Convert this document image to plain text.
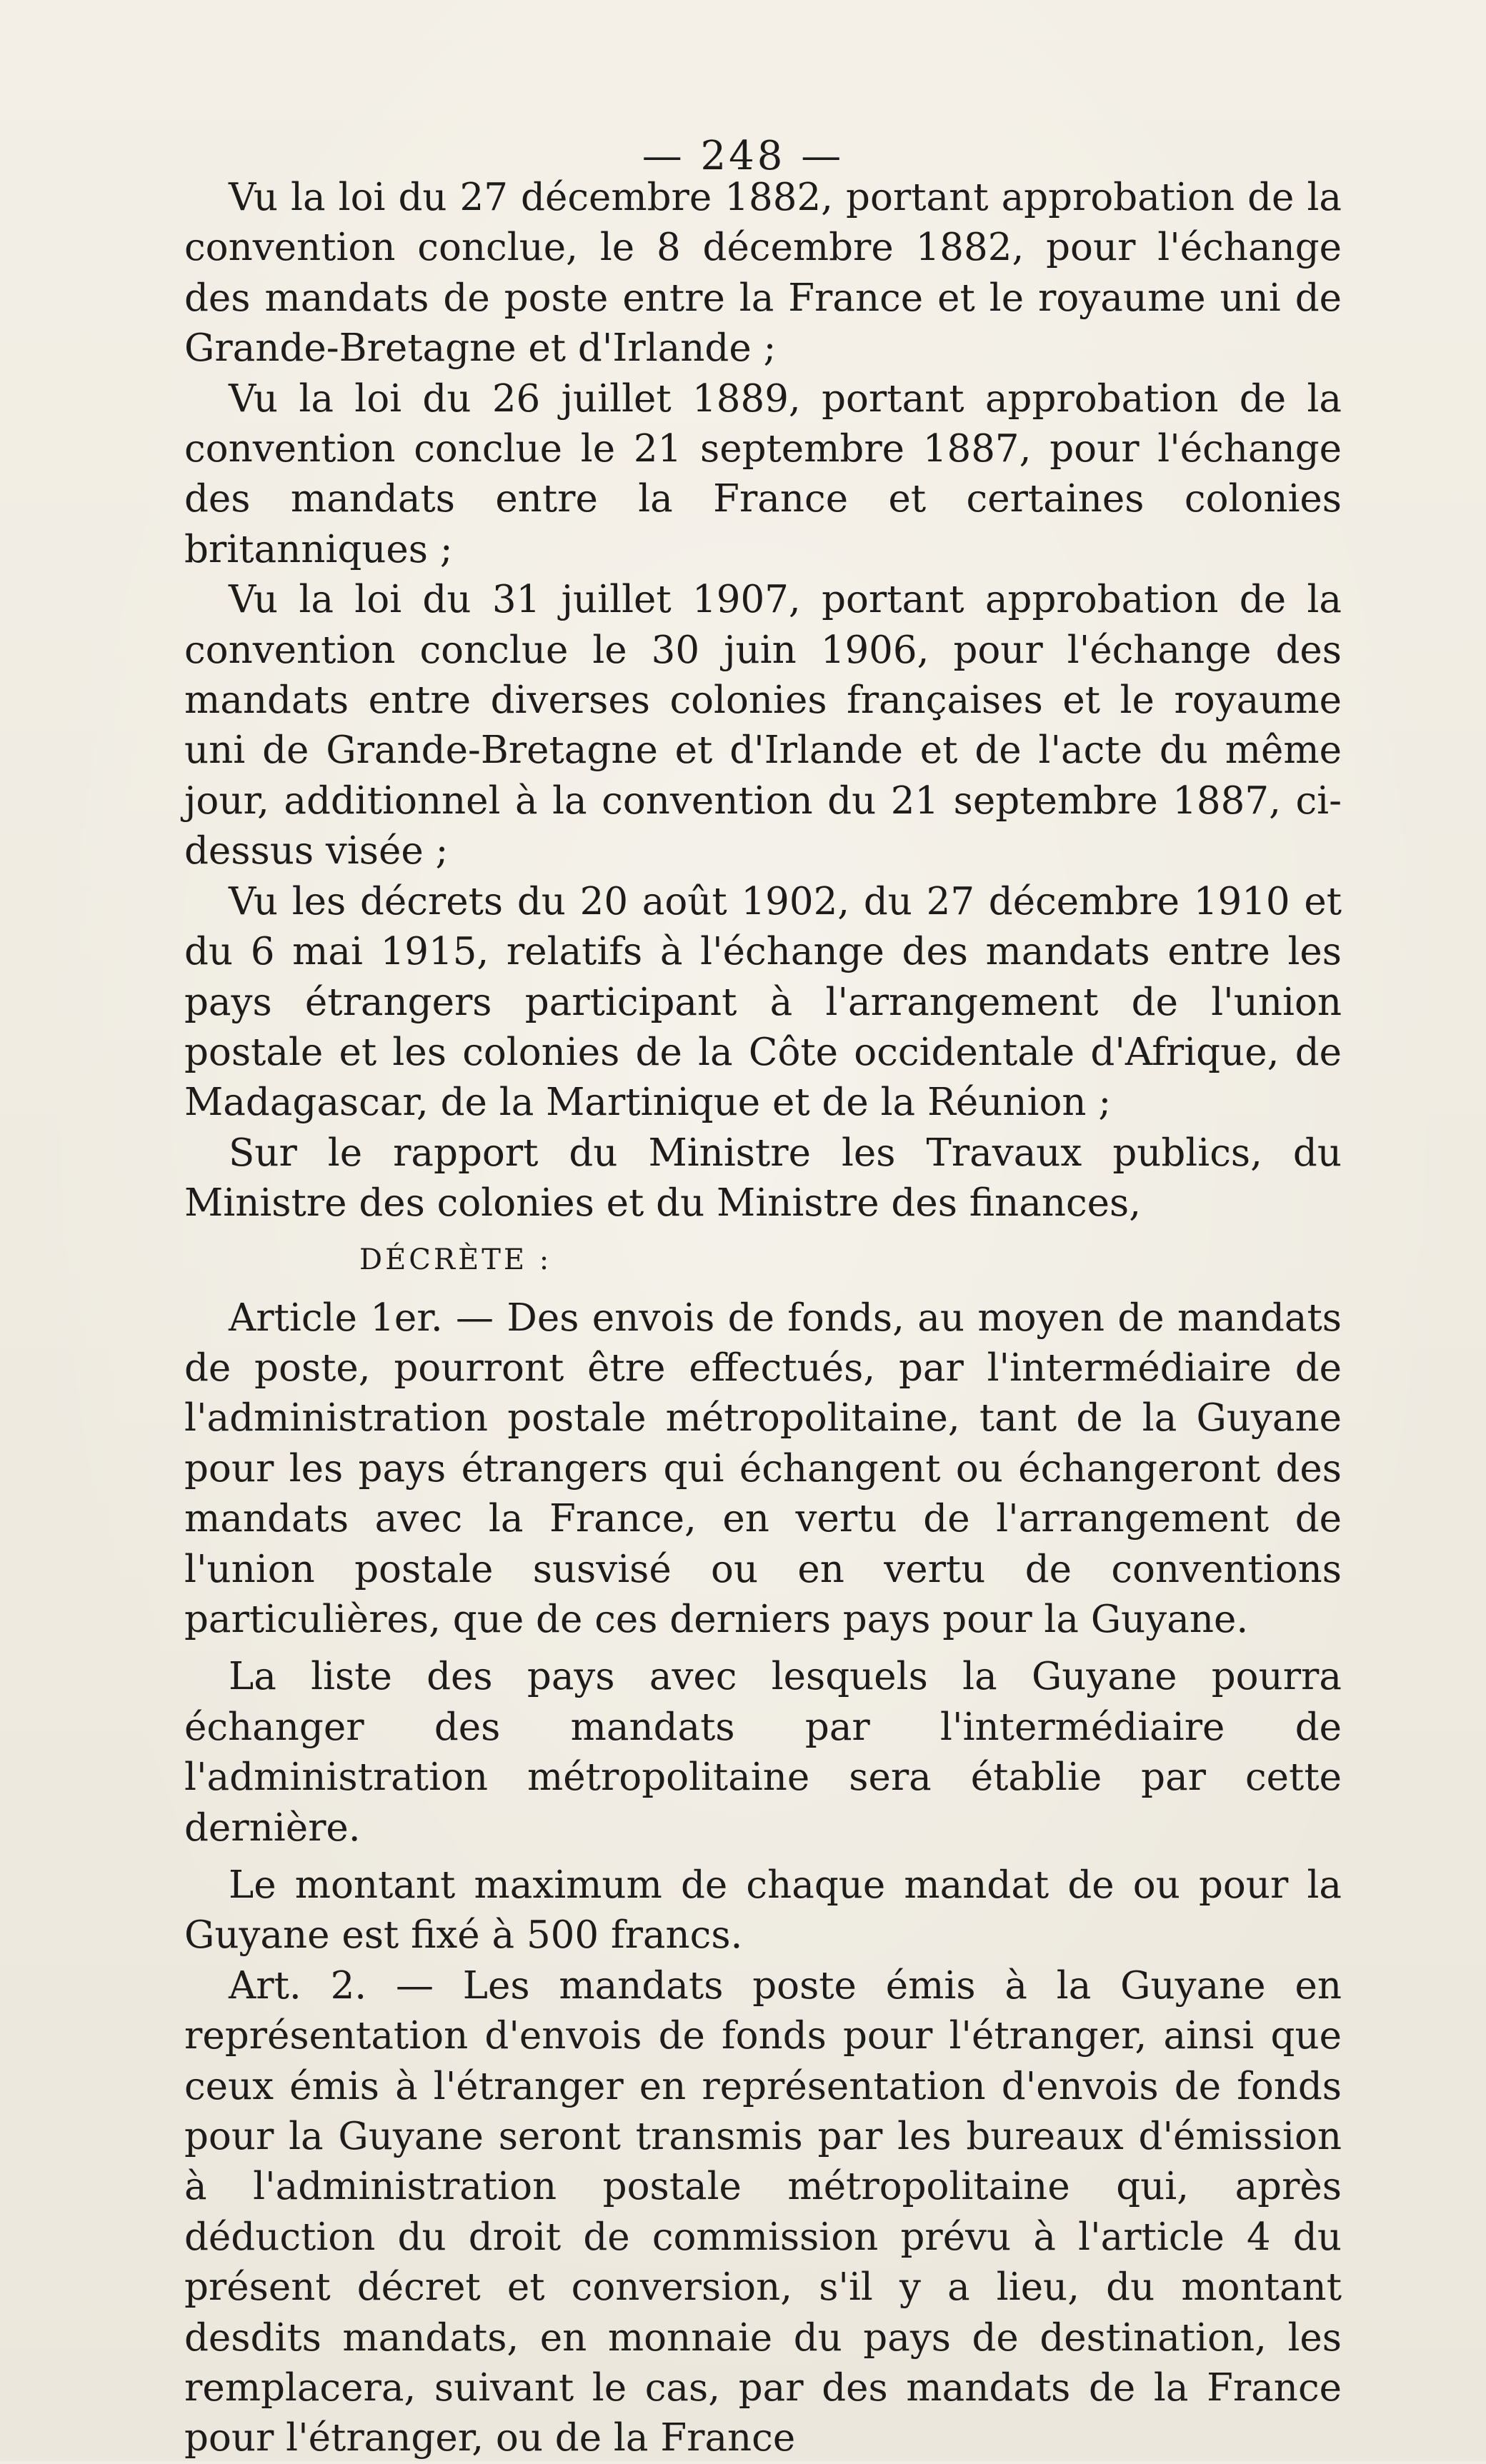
— 248 —

Vu la loi du 27 décembre 1882, portant approbation de la convention conclue, le 8 décembre 1882, pour l'échange des mandats de poste entre la France et le royaume uni de Grande-Bretagne et d'Irlande ;

Vu la loi du 26 juillet 1889, portant approbation de la convention conclue le 21 septembre 1887, pour l'échange des mandats entre la France et certaines colonies britanniques ;

Vu la loi du 31 juillet 1907, portant approbation de la convention conclue le 30 juin 1906, pour l'échange des mandats entre diverses colonies françaises et le royaume uni de Grande-Bretagne et d'Irlande et de l'acte du même jour, additionnel à la convention du 21 septembre 1887, ci-dessus visée ;

Vu les décrets du 20 août 1902, du 27 décembre 1910 et du 6 mai 1915, relatifs à l'échange des mandats entre les pays étrangers participant à l'arrangement de l'union postale et les colonies de la Côte occidentale d'Afrique, de Madagascar, de la Martinique et de la Réunion ;

Sur le rapport du Ministre les Travaux publics, du Ministre des colonies et du Ministre des finances,

DÉCRÈTE :

Article 1er. — Des envois de fonds, au moyen de mandats de poste, pourront être effectués, par l'intermédiaire de l'administration postale métropolitaine, tant de la Guyane pour les pays étrangers qui échangent ou échangeront des mandats avec la France, en vertu de l'arrangement de l'union postale susvisé ou en vertu de conventions particulières, que de ces derniers pays pour la Guyane.

La liste des pays avec lesquels la Guyane pourra échanger des mandats par l'intermédiaire de l'administration métropolitaine sera établie par cette dernière.

Le montant maximum de chaque mandat de ou pour la Guyane est fixé à 500 francs.

Art. 2. — Les mandats poste émis à la Guyane en représentation d'envois de fonds pour l'étranger, ainsi que ceux émis à l'étranger en représentation d'envois de fonds pour la Guyane seront transmis par les bureaux d'émission à l'administration postale métropolitaine qui, après déduction du droit de commission prévu à l'article 4 du présent décret et conversion, s'il y a lieu, du montant desdits mandats, en monnaie du pays de destination, les remplacera, suivant le cas, par des mandats de la France pour l'étranger, ou de la France
